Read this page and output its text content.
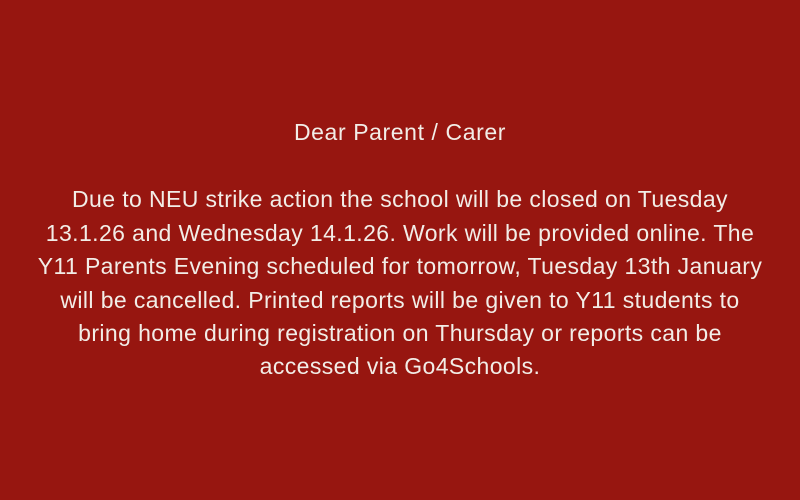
Dear Parent / Carer
Due to NEU strike action the school will be closed on Tuesday
13.1.26 and Wednesday 14.1.26. Work will be provided online. The
Y11 Parents Evening scheduled for tomorrow, Tuesday 13th January
will be cancelled. Printed reports will be given to Y11 students to
bring home during registration on Thursday or reports can be
accessed via Go4Schools.
